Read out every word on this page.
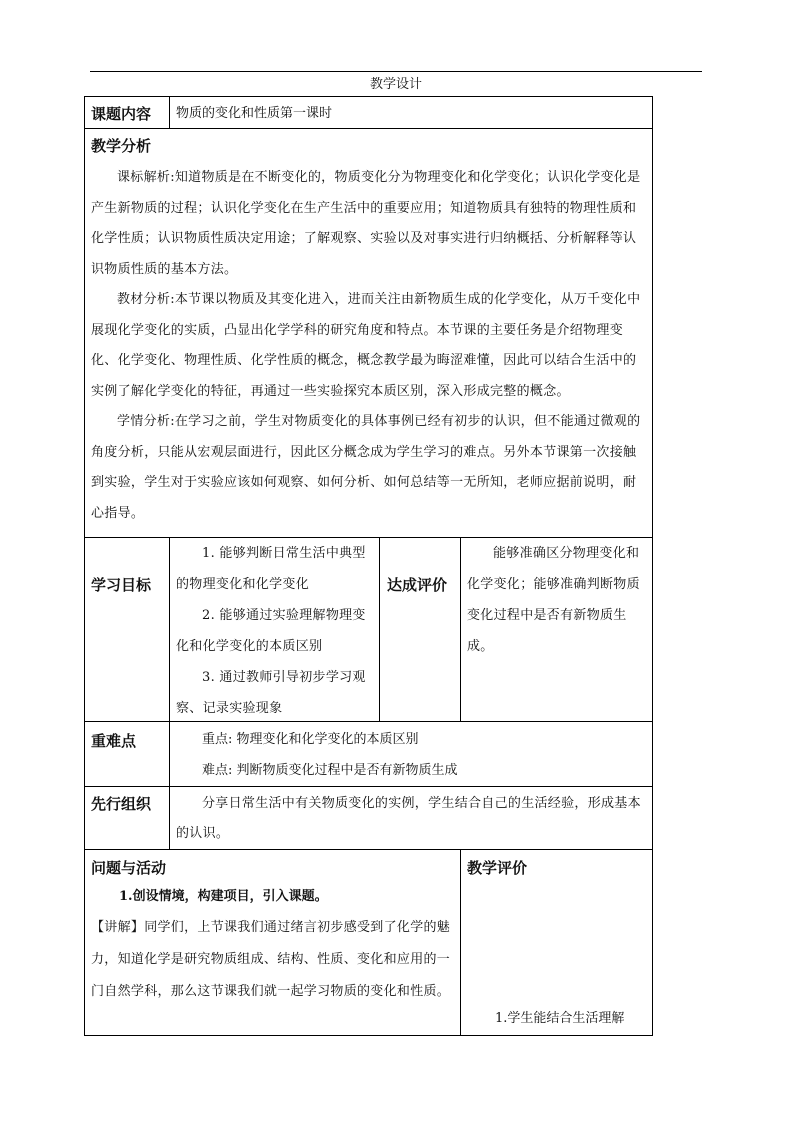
教学设计
课题内容 物质的变化和性质第一课时
教学分析

课标解析:知道物质是在不断变化的，物质变化分为物理变化和化学变化；认识化学变化是产生新物质的过程；认识化学变化在生产生活中的重要应用；知道物质具有独特的物理性质和化学性质；认识物质性质决定用途；了解观察、实验以及对事实进行归纳概括、分析解释等认识物质性质的基本方法。

教材分析:本节课以物质及其变化进入，进而关注由新物质生成的化学变化，从万千变化中展现化学变化的实质，凸显出化学学科的研究角度和特点。本节课的主要任务是介绍物理变化、化学变化、物理性质、化学性质的概念，概念教学最为晦涩难懂，因此可以结合生活中的实例了解化学变化的特征，再通过一些实验探究本质区别，深入形成完整的概念。

学情分析:在学习之前，学生对物质变化的具体事例已经有初步的认识，但不能通过微观的角度分析，只能从宏观层面进行，因此区分概念成为学生学习的难点。另外本节课第一次接触到实验，学生对于实验应该如何观察、如何分析、如何总结等一无所知，老师应据前说明，耐心指导。

学习目标

1. 能够判断日常生活中典型的物理变化和化学变化

2. 能够通过实验理解物理变化和化学变化的本质区别

3. 通过教师引导初步学习观察、记录实验现象

达成评价

能够准确区分物理变化和化学变化；能够准确判断物质变化过程中是否有新物质生成。

重难点	重点: 物理变化和化学变化的本质区别
难点: 判断物质变化过程中是否有新物质生成
先行组织	分享日常生活中有关物质变化的实例，学生结合自己的生活经验，形成基本的认识。

问题与活动
1.创设情境，构建项目，引入课题。

【讲解】同学们，上节课我们通过绪言初步感受到了化学的魅力，知道化学是研究物质组成、结构、性质、变化和应用的一门自然学科，那么这节课我们就一起学习物质的变化和性质。

教学评价
1.学生能结合生活理解
